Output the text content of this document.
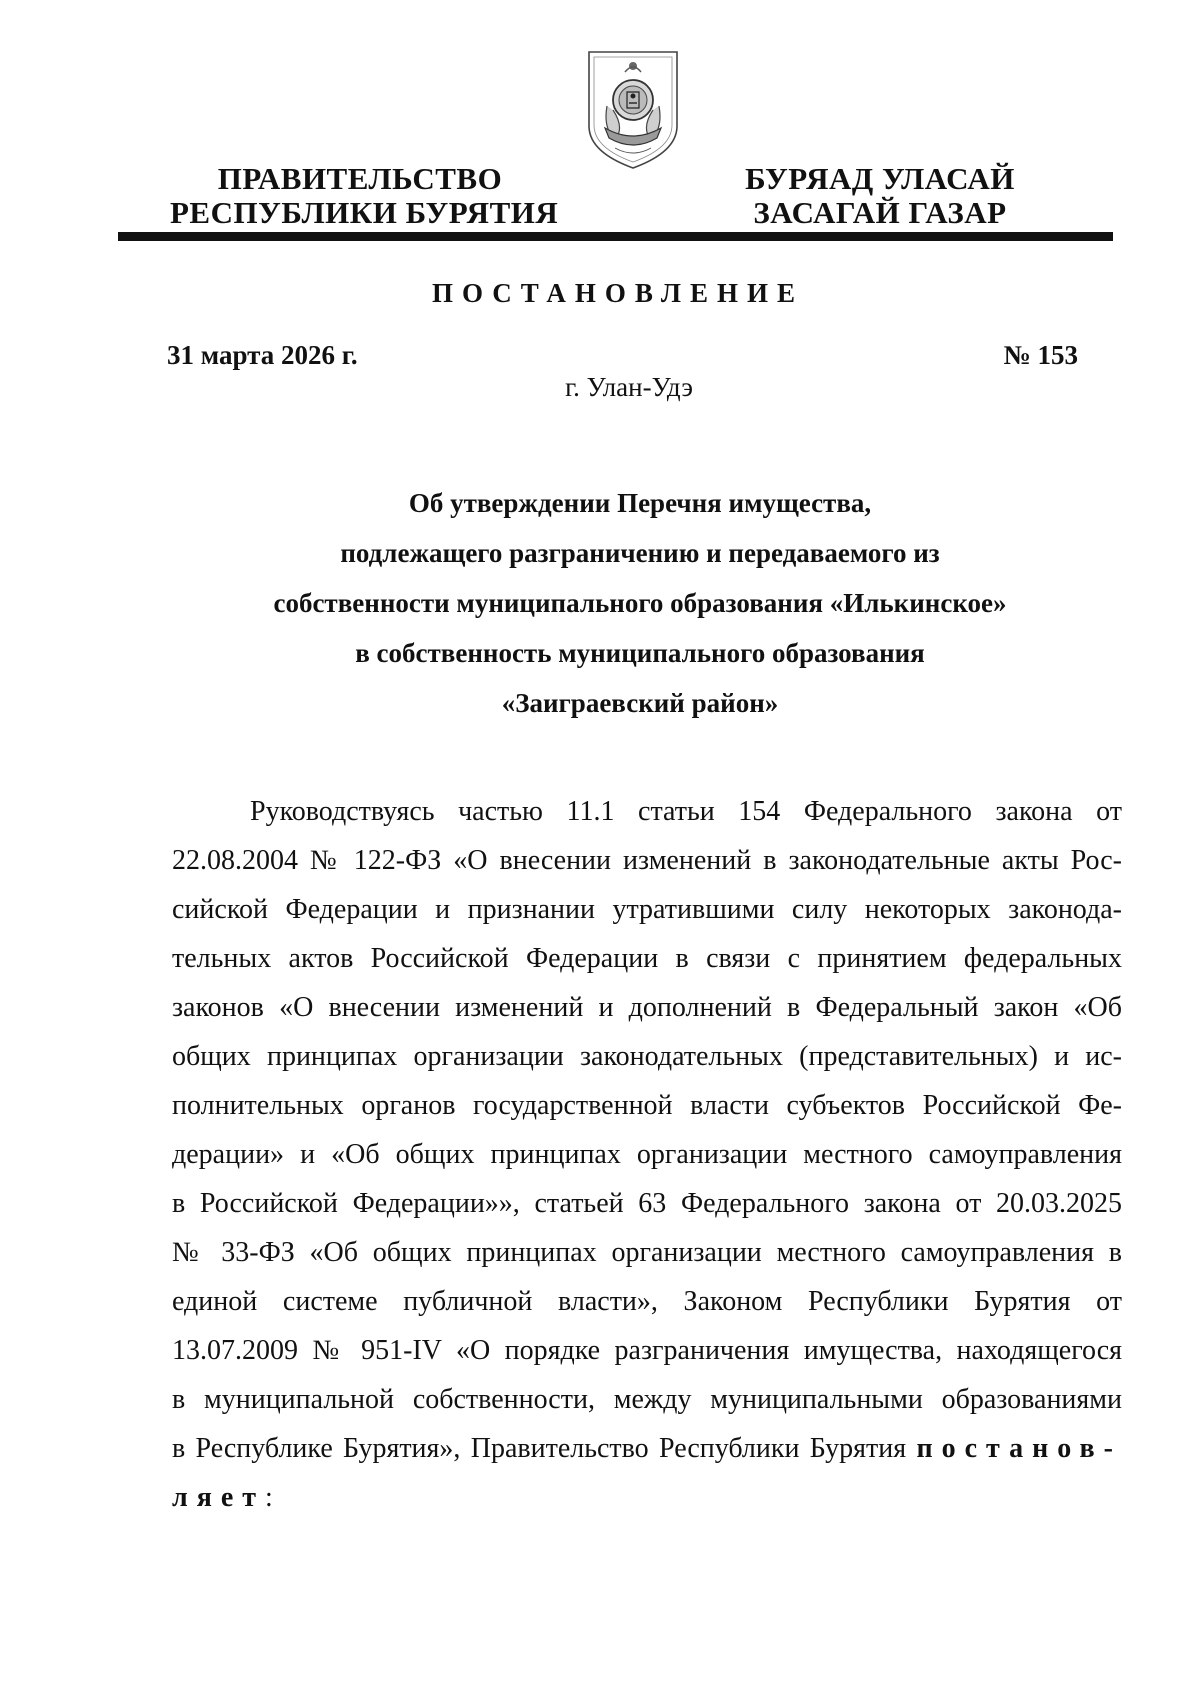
ПРАВИТЕЛЬСТВО
РЕСПУБЛИКИ БУРЯТИЯ
БУРЯАД УЛАСАЙ
ЗАСАГАЙ ГАЗАР
ПОСТАНОВЛЕНИЕ
31 марта 2026 г.	№ 153
г. Улан-Удэ
Об утверждении Перечня имущества,
подлежащего разграничению и передаваемого из
собственности муниципального образования «Илькинское»
в собственность муниципального образования
«Заиграевский район»
Руководствуясь частью 11.1 статьи 154 Федерального закона от
22.08.2004 № 122-ФЗ «О внесении изменений в законодательные акты Рос-
сийской Федерации и признании утратившими силу некоторых законода-
тельных актов Российской Федерации в связи с принятием федеральных
законов «О внесении изменений и дополнений в Федеральный закон «Об
общих принципах организации законодательных (представительных) и ис-
полнительных органов государственной власти субъектов Российской Фе-
дерации» и «Об общих принципах организации местного самоуправления
в Российской Федерации»», статьей 63 Федерального закона от 20.03.2025
№ 33-ФЗ «Об общих принципах организации местного самоуправления в
единой системе публичной власти», Законом Республики Бурятия от
13.07.2009 № 951-IV «О порядке разграничения имущества, находящегося
в муниципальной собственности, между муниципальными образованиями
в Республике Бурятия», Правительство Республики Бурятия постанов-
ляет:
